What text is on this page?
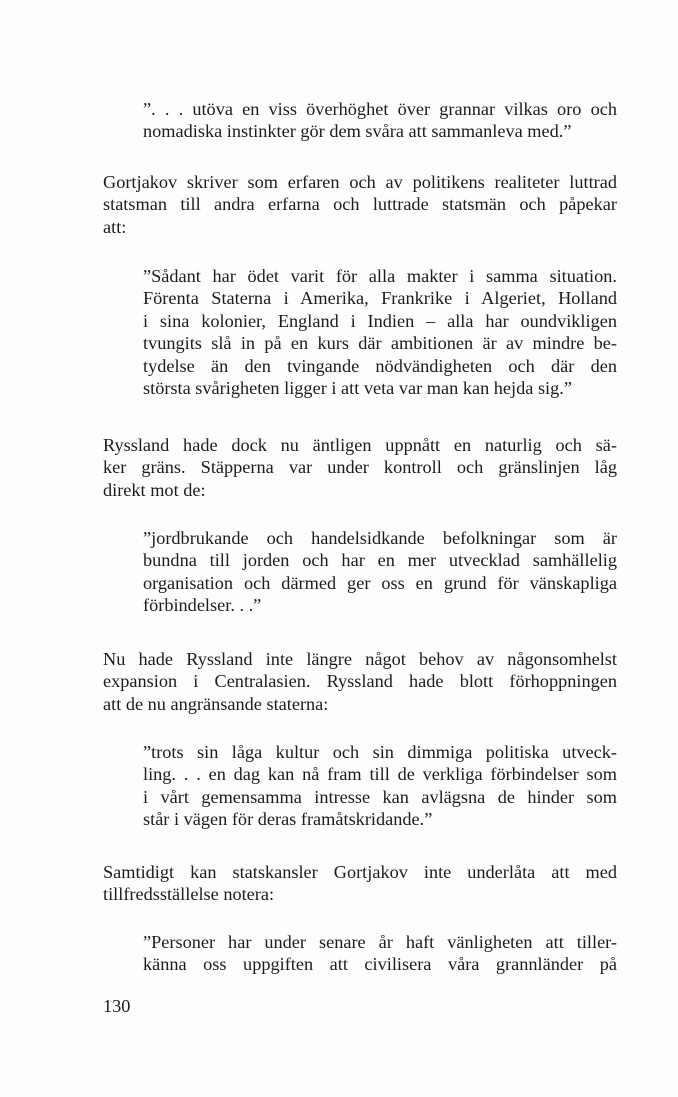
”. . . utöva en viss överhöghet över grannar vilkas oro och
nomadiska instinkter gör dem svåra att sammanleva med.”
Gortjakov skriver som erfaren och av politikens realiteter luttrad
statsman till andra erfarna och luttrade statsmän och påpekar
att:
”Sådant har ödet varit för alla makter i samma situation.
Förenta Staterna i Amerika, Frankrike i Algeriet, Holland
i sina kolonier, England i Indien – alla har oundvikligen
tvungits slå in på en kurs där ambitionen är av mindre be-
tydelse än den tvingande nödvändigheten och där den
största svårigheten ligger i att veta var man kan hejda sig.”
Ryssland hade dock nu äntligen uppnått en naturlig och sä-
ker gräns. Stäpperna var under kontroll och gränslinjen låg
direkt mot de:
”jordbrukande och handelsidkande befolkningar som är
bundna till jorden och har en mer utvecklad samhällelig
organisation och därmed ger oss en grund för vänskapliga
förbindelser. . .”
Nu hade Ryssland inte längre något behov av någonsomhelst
expansion i Centralasien. Ryssland hade blott förhoppningen
att de nu angränsande staterna:
”trots sin låga kultur och sin dimmiga politiska utveck-
ling. . . en dag kan nå fram till de verkliga förbindelser som
i vårt gemensamma intresse kan avlägsna de hinder som
står i vägen för deras framåtskridande.”
Samtidigt kan statskansler Gortjakov inte underlåta att med
tillfredsställelse notera:
”Personer har under senare år haft vänligheten att tiller-
känna oss uppgiften att civilisera våra grannländer på
130
